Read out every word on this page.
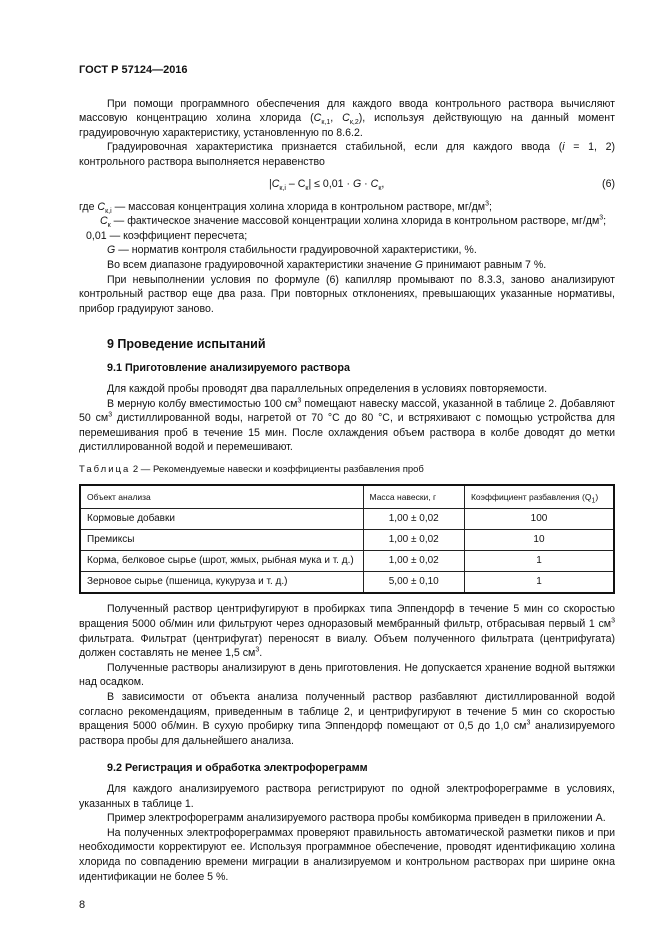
ГОСТ Р 57124—2016

При помощи программного обеспечения для каждого ввода контрольного раствора вычисляют массовую концентрацию холина хлорида ($C_{к,1}$, $C_{к,2}$), используя действующую на данный момент градуировочную характеристику, установленную по 8.6.2.

Градуировочная характеристика признается стабильной, если для каждого ввода (i = 1, 2) контрольного раствора выполняется неравенство

$|C_{к,i} - C_к| \le 0,01 \cdot G \cdot C_к$,	(6)

где $C_{к,i}$ — массовая концентрация холина хлорида в контрольном растворе, $мг/дм^3$;

$C_к$ — фактическое значение массовой концентрации холина хлорида в контрольном растворе, $мг/дм^3$;

0,01 — коэффициент пересчета;

G — норматив контроля стабильности градуировочной характеристики, %.

Во всем диапазоне градуировочной характеристики значение G принимают равным 7 %.

При невыполнении условия по формуле (6) капилляр промывают по 8.3.3, заново анализируют контрольный раствор еще два раза. При повторных отклонениях, превышающих указанные нормативы, прибор градуируют заново.

9 Проведение испытаний

9.1 Приготовление анализируемого раствора

Для каждой пробы проводят два параллельных определения в условиях повторяемости.

В мерную колбу вместимостью 100 $см^3$ помещают навеску массой, указанной в таблице 2. Добавляют 50 $см^3$ дистиллированной воды, нагретой от 70 °С до 80 °С, и встряхивают с помощью устройства для перемешивания проб в течение 15 мин. После охлаждения объем раствора в колбе доводят до метки дистиллированной водой и перемешивают.

Таблица 2 — Рекомендуемые навески и коэффициенты разбавления проб

Объект анализа	Масса навески, г	Коэффициент разбавления $(Q_1)$
Кормовые добавки	1,00 ± 0,02	100
Премиксы	1,00 ± 0,02	10
Корма, белковое сырье (шрот, жмых, рыбная мука и т. д.)	1,00 ± 0,02	1
Зерновое сырье (пшеница, кукуруза и т. д.)	5,00 ± 0,10	1

Полученный раствор центрифугируют в пробирках типа Эппендорф в течение 5 мин со скоростью вращения 5000 об/мин или фильтруют через одноразовый мембранный фильтр, отбрасывая первый 1 $см^3$ фильтрата. Фильтрат (центрифугат) переносят в виалу. Объем полученного фильтрата (центрифугата) должен составлять не менее 1,5 $см^3$.

Полученные растворы анализируют в день приготовления. Не допускается хранение водной вытяжки над осадком.

В зависимости от объекта анализа полученный раствор разбавляют дистиллированной водой согласно рекомендациям, приведенным в таблице 2, и центрифугируют в течение 5 мин со скоростью вращения 5000 об/мин. В сухую пробирку типа Эппендорф помещают от 0,5 до 1,0 $см^3$ анализируемого раствора пробы для дальнейшего анализа.

9.2 Регистрация и обработка электрофореграмм

Для каждого анализируемого раствора регистрируют по одной электрофореграмме в условиях, указанных в таблице 1.

Пример электрофореграмм анализируемого раствора пробы комбикорма приведен в приложении А.

На полученных электрофореграммах проверяют правильность автоматической разметки пиков и при необходимости корректируют ее. Используя программное обеспечение, проводят идентификацию холина хлорида по совпадению времени миграции в анализируемом и контрольном растворах при ширине окна идентификации не более 5 %.

8
